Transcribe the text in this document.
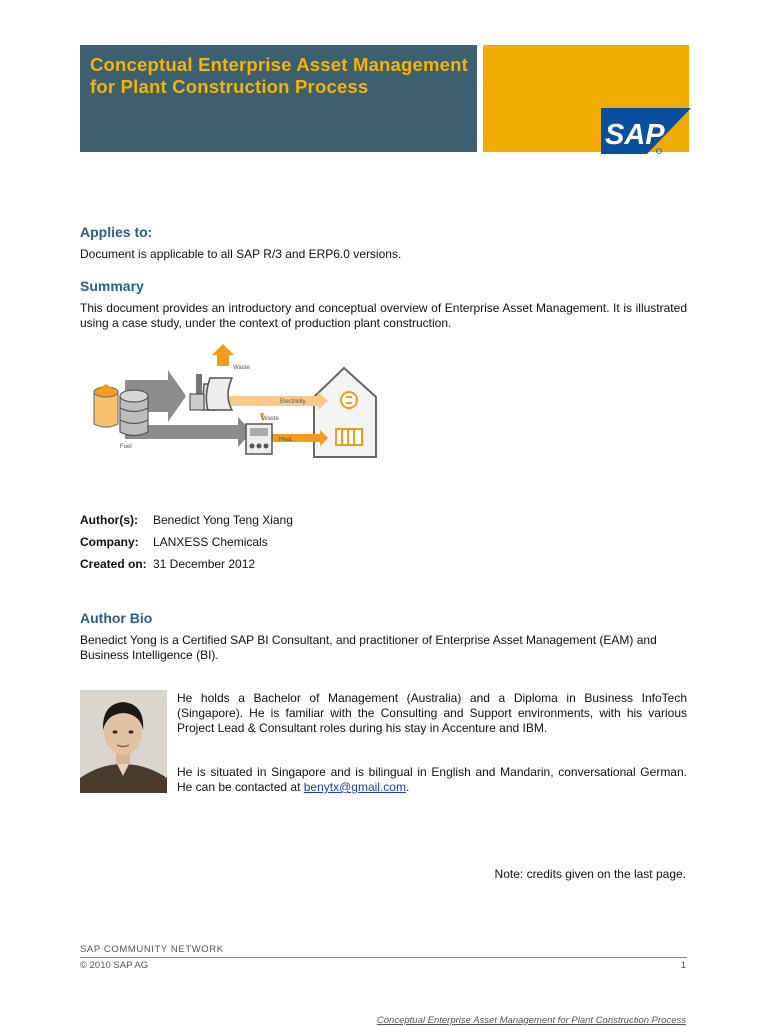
Conceptual Enterprise Asset Management for Plant Construction Process
SAP
Applies to:

Document is applicable to all SAP R/3 and ERP6.0 versions.

Summary

This document provides an introductory and conceptual overview of Enterprise Asset Management. It is illustrated using a case study, under the context of production plant construction.

Waste
Electricity
Waste
Heat
Fuel
Author(s): Benedict Yong Teng Xiang
Company: LANXESS Chemicals
Created on: 31 December 2012
Author Bio

Benedict Yong is a Certified SAP BI Consultant, and practitioner of Enterprise Asset Management (EAM) and Business Intelligence (BI).

He holds a Bachelor of Management (Australia) and a Diploma in Business InfoTech (Singapore). He is familiar with the Consulting and Support environments, with his various Project Lead & Consultant roles during his stay in Accenture and IBM.

He is situated in Singapore and is bilingual in English and Mandarin, conversational German. He can be contacted at benytx@gmail.com.

Note: credits given on the last page.
SAP COMMUNITY NETWORK
© 2010 SAP AG	1
Conceptual Enterprise Asset Management for Plant Construction Process
